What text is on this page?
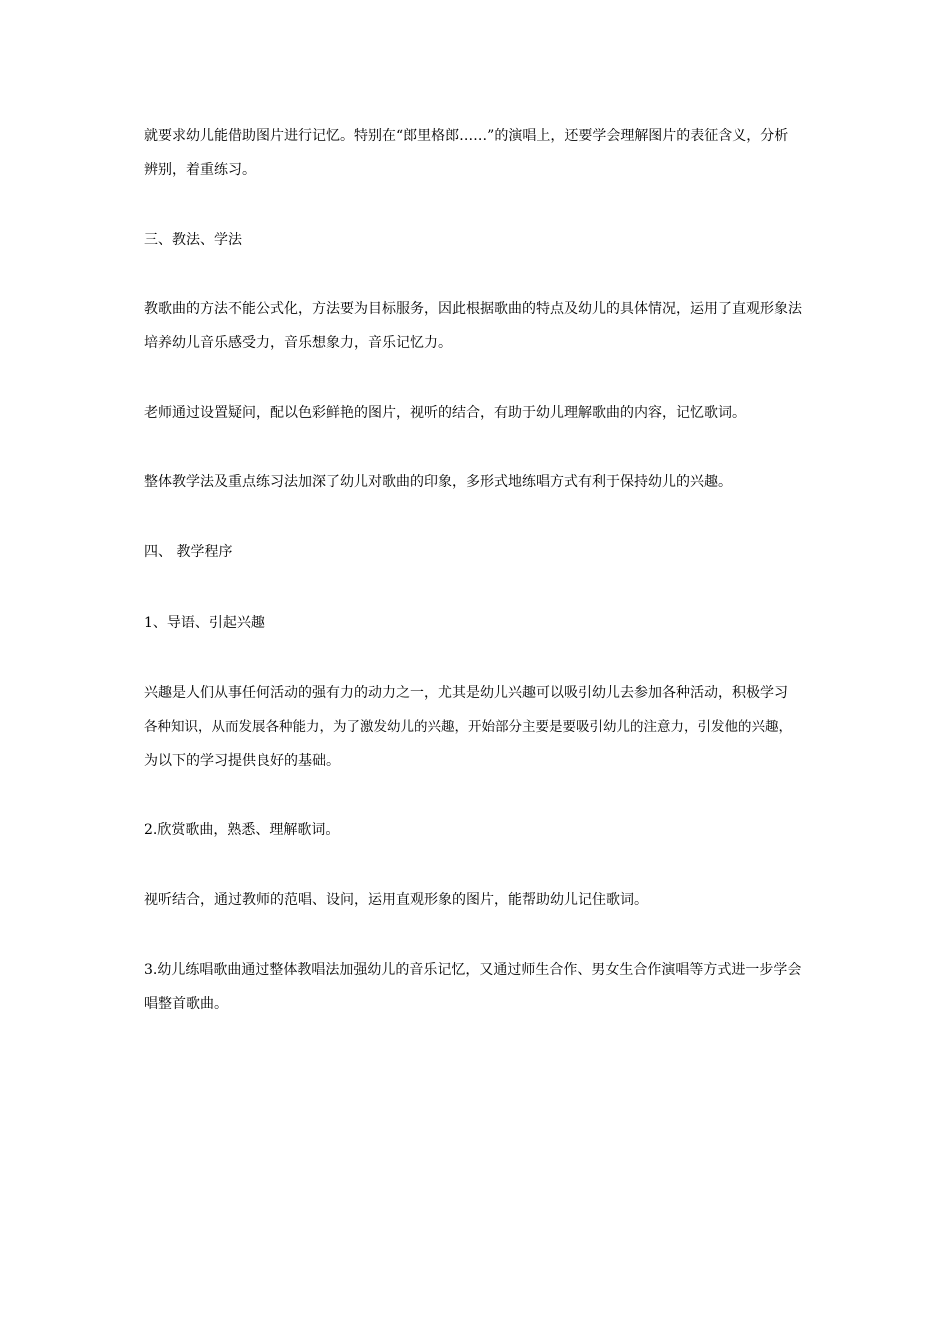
就要求幼儿能借助图片进行记忆。特别在“郎里格郎……”的演唱上，还要学会理解图片的表征含义，分析
辨别，着重练习。

三、教法、学法

教歌曲的方法不能公式化，方法要为目标服务，因此根据歌曲的特点及幼儿的具体情况，运用了直观形象法
培养幼儿音乐感受力，音乐想象力，音乐记忆力。

老师通过设置疑问，配以色彩鲜艳的图片，视听的结合，有助于幼儿理解歌曲的内容，记忆歌词。

整体教学法及重点练习法加深了幼儿对歌曲的印象，多形式地练唱方式有利于保持幼儿的兴趣。

四、 教学程序

1、导语、引起兴趣

兴趣是人们从事任何活动的强有力的动力之一，尤其是幼儿兴趣可以吸引幼儿去参加各种活动，积极学习
各种知识，从而发展各种能力，为了激发幼儿的兴趣，开始部分主要是要吸引幼儿的注意力，引发他的兴趣，
为以下的学习提供良好的基础。

2.欣赏歌曲，熟悉、理解歌词。

视听结合，通过教师的范唱、设问，运用直观形象的图片，能帮助幼儿记住歌词。

3.幼儿练唱歌曲通过整体教唱法加强幼儿的音乐记忆，又通过师生合作、男女生合作演唱等方式进一步学会
唱整首歌曲。
